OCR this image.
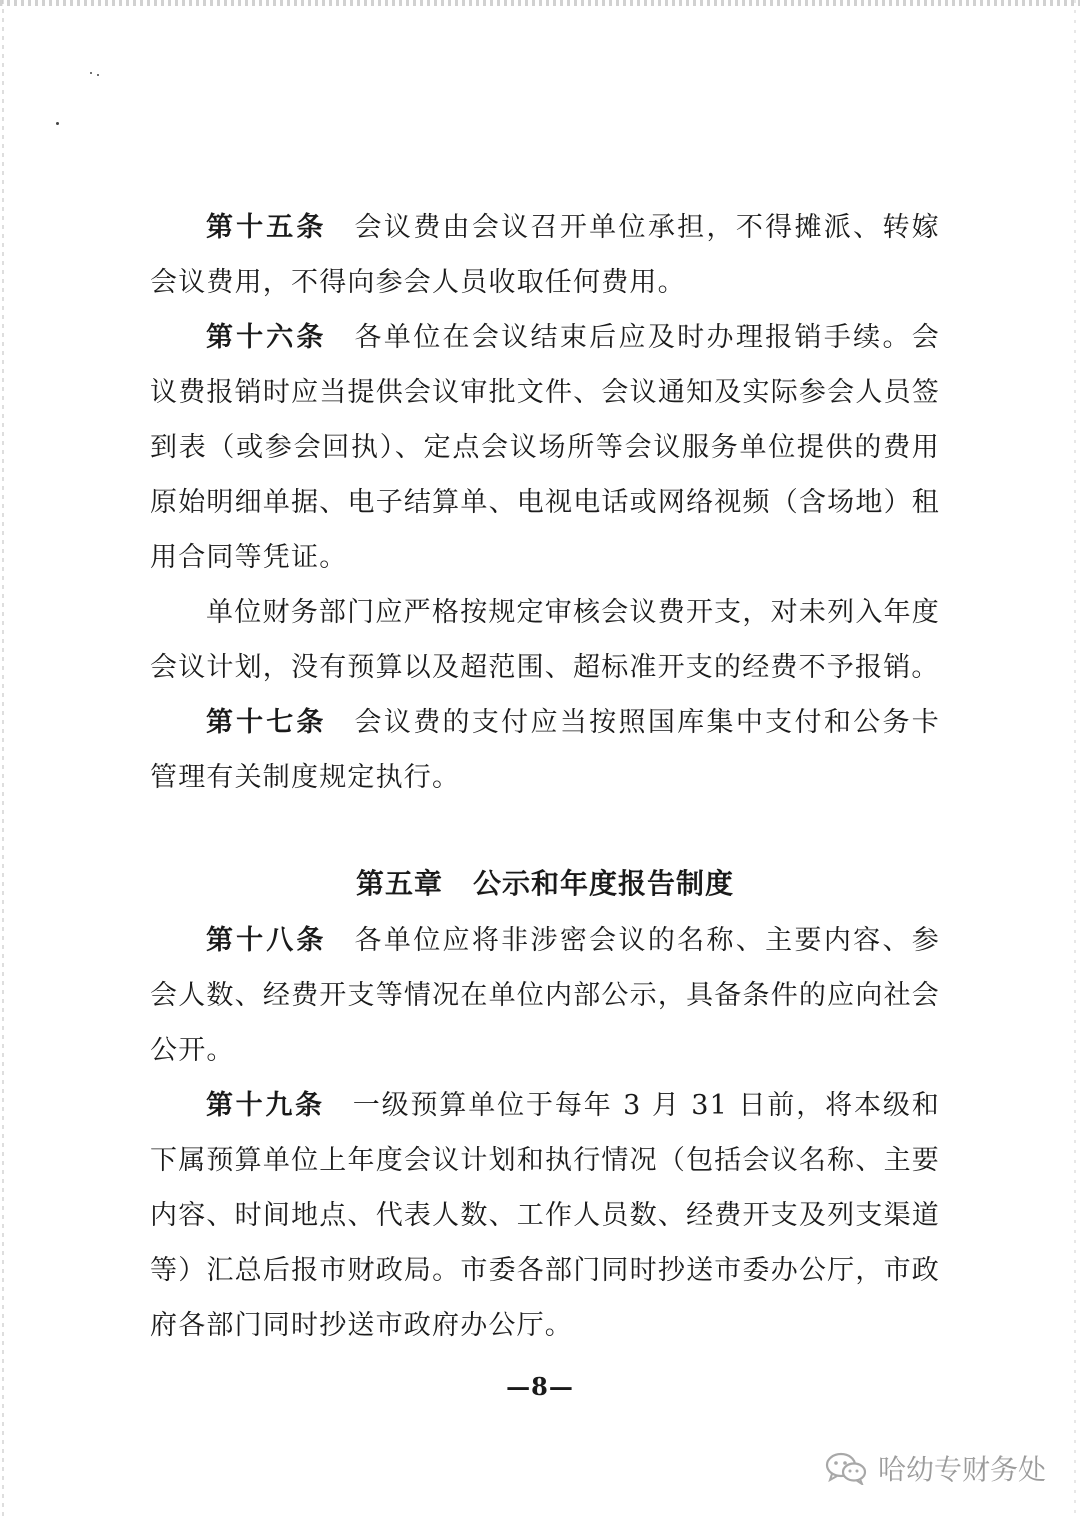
第十五条 会议费由会议召开单位承担，不得摊派、转嫁会议费用，不得向参会人员收取任何费用。

第十六条 各单位在会议结束后应及时办理报销手续。会议费报销时应当提供会议审批文件、会议通知及实际参会人员签到表（或参会回执）、定点会议场所等会议服务单位提供的费用原始明细单据、电子结算单、电视电话或网络视频（含场地）租用合同等凭证。

单位财务部门应严格按规定审核会议费开支，对未列入年度会议计划，没有预算以及超范围、超标准开支的经费不予报销。

第十七条 会议费的支付应当按照国库集中支付和公务卡管理有关制度规定执行。

第五章 公示和年度报告制度

第十八条 各单位应将非涉密会议的名称、主要内容、参会人数、经费开支等情况在单位内部公示，具备条件的应向社会公开。

第十九条 一级预算单位于每年 3 月 31 日前，将本级和下属预算单位上年度会议计划和执行情况（包括会议名称、主要内容、时间地点、代表人数、工作人员数、经费开支及列支渠道等）汇总后报市财政局。市委各部门同时抄送市委办公厅，市政府各部门同时抄送市政府办公厅。

—8—
哈幼专财务处
